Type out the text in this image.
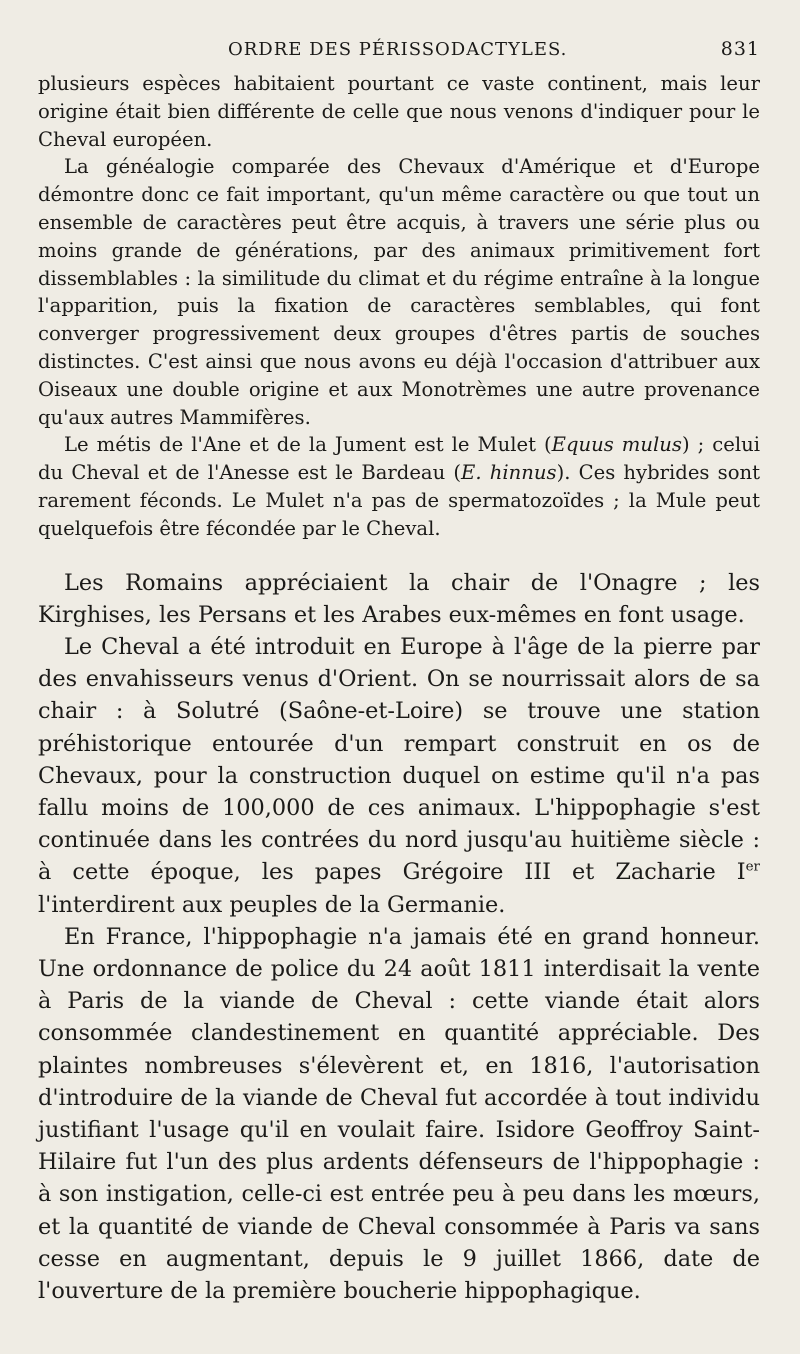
ORDRE DES PÉRISSODACTYLES.	831

plusieurs espèces habitaient pourtant ce vaste continent, mais leur origine était bien différente de celle que nous venons d'indiquer pour le Cheval européen.

La généalogie comparée des Chevaux d'Amérique et d'Europe démontre donc ce fait important, qu'un même caractère ou que tout un ensemble de caractères peut être acquis, à travers une série plus ou moins grande de générations, par des animaux primitivement fort dissemblables : la similitude du climat et du régime entraîne à la longue l'apparition, puis la fixation de caractères semblables, qui font converger progressivement deux groupes d'êtres partis de souches distinctes. C'est ainsi que nous avons eu déjà l'occasion d'attribuer aux Oiseaux une double origine et aux Monotrèmes une autre provenance qu'aux autres Mammifères.

Le métis de l'Ane et de la Jument est le Mulet (Equus mulus) ; celui du Cheval et de l'Anesse est le Bardeau (E. hinnus). Ces hybrides sont rarement féconds. Le Mulet n'a pas de spermatozoïdes ; la Mule peut quelquefois être fécondée par le Cheval.

Les Romains appréciaient la chair de l'Onagre ; les Kirghises, les Persans et les Arabes eux-mêmes en font usage.

Le Cheval a été introduit en Europe à l'âge de la pierre par des envahisseurs venus d'Orient. On se nourrissait alors de sa chair : à Solutré (Saône-et-Loire) se trouve une station préhistorique entourée d'un rempart construit en os de Chevaux, pour la construction duquel on estime qu'il n'a pas fallu moins de 100,000 de ces animaux. L'hippophagie s'est continuée dans les contrées du nord jusqu'au huitième siècle : à cette époque, les papes Grégoire III et Zacharie Ier l'interdirent aux peuples de la Germanie.

En France, l'hippophagie n'a jamais été en grand honneur. Une ordonnance de police du 24 août 1811 interdisait la vente à Paris de la viande de Cheval : cette viande était alors consommée clandestinement en quantité appréciable. Des plaintes nombreuses s'élevèrent et, en 1816, l'autorisation d'introduire de la viande de Cheval fut accordée à tout individu justifiant l'usage qu'il en voulait faire. Isidore Geoffroy Saint-Hilaire fut l'un des plus ardents défenseurs de l'hippophagie : à son instigation, celle-ci est entrée peu à peu dans les mœurs, et la quantité de viande de Cheval consommée à Paris va sans cesse en augmentant, depuis le 9 juillet 1866, date de l'ouverture de la première boucherie hippophagique.
